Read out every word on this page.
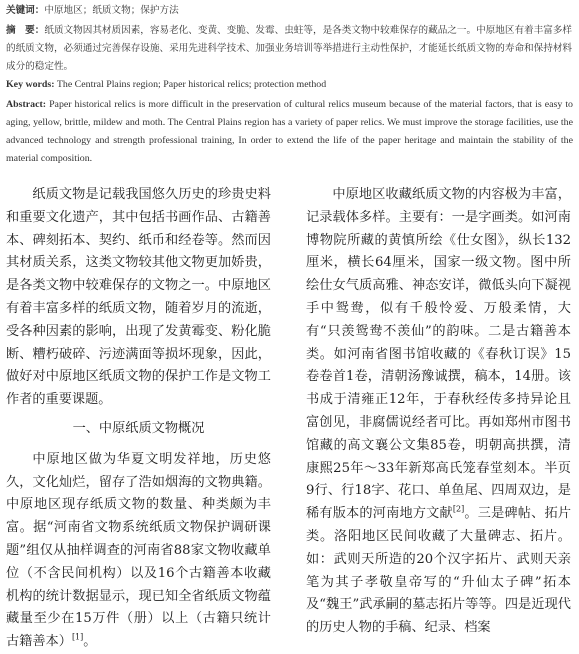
关键词：中原地区；纸质文物；保护方法
摘　要：纸质文物因其材质因素，容易老化、变黄、变脆、发霉、虫蛀等，是各类文物中较难保存的藏品之一。中原地区有着丰富多样的纸质文物，必须通过完善保存设施、采用先进科学技术、加强业务培训等举措进行主动性保护，才能延长纸质文物的寿命和保持材料成分的稳定性。
Key words: The Central Plains region; Paper historical relics; protection method
Abstract: Paper historical relics is more difficult in the preservation of cultural relics museum because of the material factors, that is easy to aging, yellow, brittle, mildew and moth. The Central Plains region has a variety of paper relics. We must improve the storage facilities, use the advanced technology and strength professional training, In order to extend the life of the paper heritage and maintain the stability of the material composition.

纸质文物是记载我国悠久历史的珍贵史料和重要文化遗产，其中包括书画作品、古籍善本、碑刻拓本、契约、纸币和经卷等。然而因其材质关系，这类文物较其他文物更加娇贵，是各类文物中较难保存的文物之一。中原地区有着丰富多样的纸质文物，随着岁月的流逝，受各种因素的影响，出现了发黄霉变、粉化脆断、糟朽破碎、污迹满面等损坏现象，因此，做好对中原地区纸质文物的保护工作是文物工作者的重要课题。

一、中原纸质文物概况

中原地区做为华夏文明发祥地，历史悠久，文化灿烂，留存了浩如烟海的文物典籍。中原地区现存纸质文物的数量、种类颇为丰富。据“河南省文物系统纸质文物保护调研课题”组仅从抽样调查的河南省88家文物收藏单位（不含民间机构）以及16个古籍善本收藏机构的统计数据显示，现已知全省纸质文物蕴藏量至少在15万件（册）以上（古籍只统计古籍善本）[1]。

中原地区收藏纸质文物的内容极为丰富，记录载体多样。主要有：一是字画类。如河南博物院所藏的黄慎所绘《仕女图》，纵长132厘米，横长64厘米，国家一级文物。图中所绘仕女气质高雅、神态安详，微低头向下凝视手中鸳鸯，似有千般怜爱、万般柔情，大有“只羡鸳鸯不羡仙”的韵味。二是古籍善本类。如河南省图书馆收藏的《春秋订误》15卷卷首1卷，清朝汤豫诚撰，稿本，14册。该书成于清雍正12年，于春秋经传多持异论且富创见，非腐儒说经者可比。再如郑州市图书馆藏的高文襄公文集85卷，明朝高拱撰，清康熙25年～33年新郑高氏笼春堂刻本。半页9行、行18字、花口、单鱼尾、四周双边，是稀有版本的河南地方文献[2]。三是碑帖、拓片类。洛阳地区民间收藏了大量碑志、拓片。如：武则天所造的20个汉字拓片、武则天亲笔为其子孝敬皇帝写的“升仙太子碑”拓本及“魏王”武承嗣的墓志拓片等等。四是近现代的历史人物的手稿、纪录、档案
